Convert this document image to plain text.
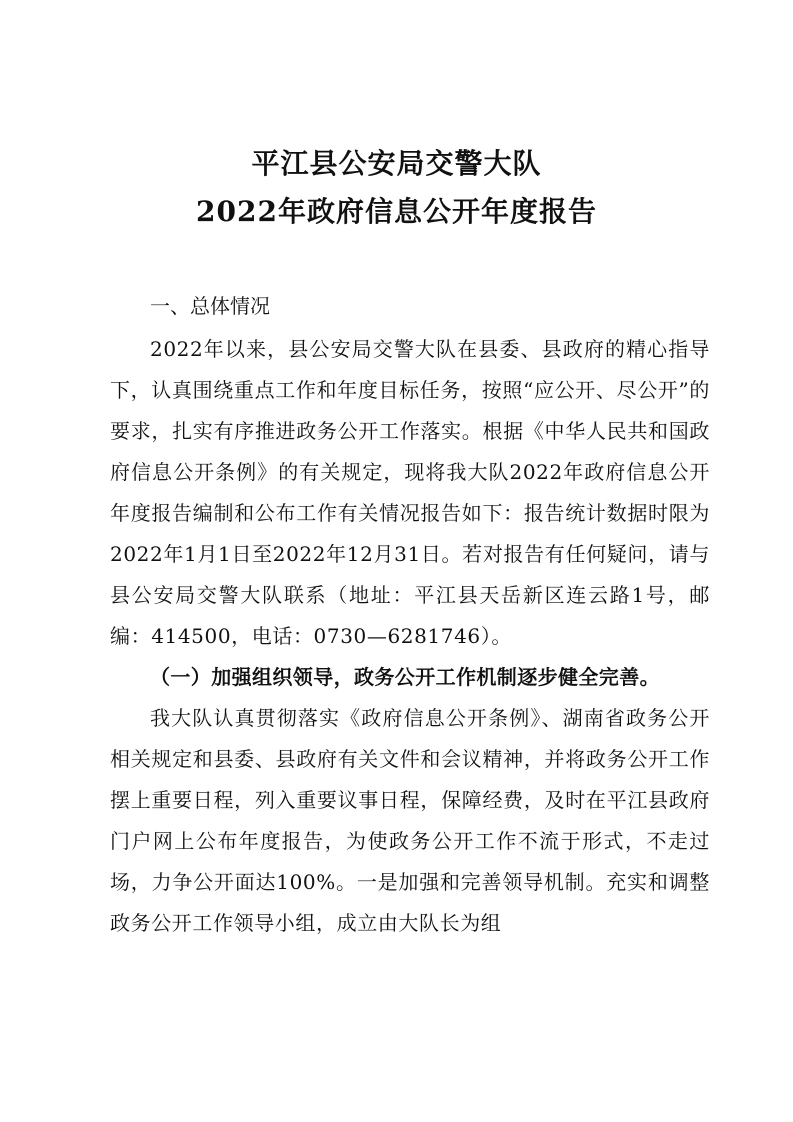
平江县公安局交警大队
2022年政府信息公开年度报告
一、总体情况

2022年以来，县公安局交警大队在县委、县政府的精心指导下，认真围绕重点工作和年度目标任务，按照“应公开、尽公开”的要求，扎实有序推进政务公开工作落实。根据《中华人民共和国政府信息公开条例》的有关规定，现将我大队2022年政府信息公开年度报告编制和公布工作有关情况报告如下：报告统计数据时限为2022年1月1日至2022年12月31日。若对报告有任何疑问，请与县公安局交警大队联系（地址：平江县天岳新区连云路1号，邮编：414500，电话：0730—6281746）。

（一）加强组织领导，政务公开工作机制逐步健全完善。

我大队认真贯彻落实《政府信息公开条例》、湖南省政务公开相关规定和县委、县政府有关文件和会议精神，并将政务公开工作摆上重要日程，列入重要议事日程，保障经费，及时在平江县政府门户网上公布年度报告，为使政务公开工作不流于形式，不走过场，力争公开面达100%。一是加强和完善领导机制。充实和调整政务公开工作领导小组，成立由大队长为组
